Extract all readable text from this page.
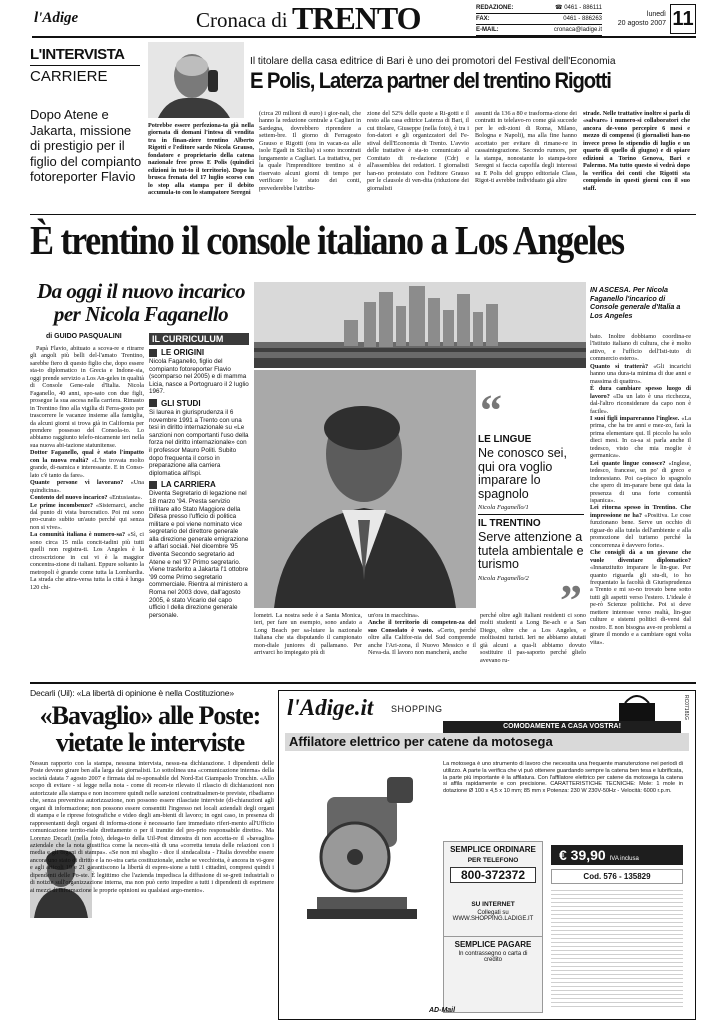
l'Adige	Cronaca di TRENTO	REDAZIONE:	☎ 0461 - 886111
FAX:	0461 - 886263
E-MAIL:	cronaca@ladige.it
lunedì
20 agosto 2007 11
L'INTERVISTA
CARRIERE
Dopo Atene e Jakarta, missione di prestigio per il figlio del compianto fotoreporter Flavio
Il titolare della casa editrice di Bari è uno dei promotori del Festival dell'Economia
E Polis, Laterza partner del trentino Rigotti
Potrebbe essere perfeziona-ta già nella giornata di domani l'intesa di vendita tra in finan-ziere trentino Alberto Rigotti e l'editore sardo Nicola Grauso, fondatore e proprietario della catena nazionale free press E Polis (quindici edizioni in tut-to il territorio). Dopo la brusca frenata del 17 luglio scorso con lo stop alla stampa per il debito accumula-to con lo stampatore Seregni
(circa 20 milioni di euro) i gior-nali, che hanno la redazione centrale a Cagliari in Sardegna, dovrebbero riprendere a settem-bre. Il giorno di Ferragosto Grauso e Rigotti (ora in vacan-za alle isole Egadi in Sicilia) si sono incontrati lungamente a Cagliari. La trattativa, per la quale l'imprenditore trentino si è riservato alcuni giorni di tempo per verificare lo stato dei conti, prevederebbe l'attribu-
zione del 52% delle quote a Ri-gotti e il resto alla casa editrice Laterza di Bari, il cui titolare, Giuseppe (nella foto), è tra i fon-datori e gli organizzatori del Fe-stival dell'Economia di Trento. L'avvio delle trattative è sta-to comunicato al Comitato di re-dazione (Cdr) e all'assemblea dei redattori. I giornalisti han-no protestato con l'editore Grauso per le clausole di ven-dita (riduzione dei giornalisti
assunti da 136 a 80 e trasforma-zione dei contratti in telelavo-ro come già succede per le edi-zioni di Roma, Milano, Bologna e Napoli), ma alla fine hanno accettato per evitare di rimane-re in cassaintegrazione. Secondo rumors, per la stampa, nonostante lo stampa-tore Seregni si faccia capofila degli interessi su E Polis del gruppo editoriale Class, Rigot-ti avrebbe individuato già altre
strade. Nelle trattative inoltre si parla di «salvare» i numero-si collaboratori che ancora de-vono percepire 6 mesi e mezzo di compensi (i giornalisti han-no invece preso lo stipendio di luglio e un quarto di quello di giugno) e di spiare edizioni a Torino Genova, Bari e Palermo. Ma tutto questo si vedrà dopo la verifica dei conti che Rigotti sta compiendo in questi giorni con il suo staff.
È trentino il console italiano a Los Angeles
Da oggi il nuovo incarico per Nicola Faganello
di GUIDO PASQUALINI

Papà Flavio, abituato a scova-re e ritrarre gli angoli più belli del-l'amato Trentino, sarebbe fiero di questo figlio che, dopo essere sta-to diplomatico in Grecia e Indone-sia, oggi prende servizio a Los An-geles in qualità di Console Gene-rale d'Italia. Nicola Faganello, 40 anni, spo-sato con due figli, prosegue la sua ascesa nella carriera. Rimasto in Trentino fino alla vigilia di Ferra-gosto per trascorrere le vacanze insieme alla famiglia, da alcuni giorni si trova già in California per prendere possesso del Consola-to. Lo abbiamo raggiunto telefo-nicamente ieri nella sua nuova abi-tazione statunitense.

Dottor Faganello, qual è stato l'impatto con la nuova realtà? «L'ho trovata molto grande, di-namica e interessante. E in Conso-lato c'è tanto da fare».
Quante persone vi lavorano? «Una quindicina».
Contento del nuovo incarico? «Entusiasta».
Le prime incombenze? «Sistemarci, anche dal punto di vista burocratico. Poi mi sono pro-curato subito un'auto perché qui senza non si vive».
La comunità italiana è numero-sa? «Sì, ci sono circa 15 mila concit-tadini più tutti quelli non registra-ti. Los Angeles è la circoscrizione in cui vi è la maggior concentra-zione di italiani. Eppure soltanto la metropoli è grande come tutta la Lombardia. La strada che attra-versa tutta la città è lunga 120 chi-
IL CURRICULUM
LE ORIGINI
Nicola Faganello, figlio del compianto fotoreporter Flavio (scomparso nel 2005) e di mamma Licia, nasce a Portogruaro il 2 luglio 1967.
GLI STUDI
Si laurea in giurisprudenza il 6 novembre 1991 a Trento con una tesi in diritto internazionale su «Le sanzioni non comportanti l'uso della forza nel diritto internazionale» con il professor Mauro Politi. Subito dopo frequenta il corso in preparazione alla carriera diplomatica all'Ispi.
LA CARRIERA
Diventa Segretario di legazione nel 18 marzo '94. Presta servizio militare allo Stato Maggiore della Difesa presso l'ufficio di politica militare e poi viene nominato vice segretario del direttore generale alla direzione generale emigrazione e affari sociali. Nel dicembre '95 diventa Secondo segretario ad Atene e nel '97 Primo segretario. Viene trasferito a Jakarta l'1 ottobre '99 come Primo segretario commerciale. Rientra al ministero a Roma nel 2003 dove, dall'agosto 2005, è stato Vicario del capo ufficio I della direzione generale personale.
IN ASCESA. Per Nicola Faganello l'incarico di Console generale d'Italia a Los Angeles
“
LE LINGUE
Ne conosco sei, qui ora voglio imparare lo spagnolo
Nicola Faganello/1
IL TRENTINO
Serve attenzione a tutela ambientale e turismo
Nicola Faganello/2 ”
lometri. La nostra sede è a Santa Monica, ieri, per fare un esempio, sono andato a Long Beach per sa-lutare la nazionale italiana che sta disputando il campionato mon-diale juniores di pallamano. Per arrivarci ho impiegato più di
un'ora in macchina».
Anche il territorio di competen-za del suo Consolato è vasto. «Certo, perché oltre alla Califor-nia del Sud comprende anche l'Ari-zona, il Nuovo Messico e il Neva-da. Il lavoro non mancherà, anche
perché oltre agli italiani residenti ci sono molti studenti a Long Be-ach e a San Diego, oltre che a Los Angeles, e moltissimi turisti. Ieri ne abbiamo aiutati già alcuni a qua-li abbiamo dovuto sostituire il pas-saporto perché glielo avevano ru-
bato. Inoltre dobbiamo coordina-re l'Istituto italiano di cultura, che è molto attivo, e l'ufficio dell'Isti-tuto di commercio estero».
Quanto si tratterà? «Gli incarichi hanno una dura-ta minima di due anni e massima di quattro».
È dura cambiare spesso luogo di lavoro? «Da un lato è una ricchezza, dal-l'altro riconsiderare da capo non è facile».
I suoi figli impareranno l'inglese. «La prima, che ha tre anni e mez-zo, farà la prima elementare qui. Il piccolo ha solo dieci mesi. In ca-sa si parla anche il tedesco, visto che mia moglie è germanica».
Lei quante lingue conosce? «Inglese, tedesco, francese, un po' di greco e indonesiano. Poi ca-pisco lo spagnolo che spero di im-parare bene qui data la presenza di una forte comunità ispanica».
Lei ritorna spesso in Trentino. Che impressione ne ha? «Positiva. Le cose funzionano bene. Serve un occhio di riguar-do alla tutela dell'ambiente e alla promozione del turismo perché la concorrenza è davvero forte».
Che consigli dà a un giovane che vuole diventare diplomatico? «Innanzitutto imparare le lin-gue. Per quanto riguarda gli stu-di, io ho frequentato la facoltà di Giurisprudenza a Trento e mi so-no trovato bene sotto tutti gli aspetti verso l'estero. L'ideale è pe-rò Scienze politiche. Poi si deve mettere interesse verso realtà, lin-gue culture e sistemi politici di-versi dal nostro. E non bisogna ave-re problemi a girare il mondo e a cambiare ogni volta vita».
Decarli (Uil): «La libertà di opinione è nella Costituzione»
«Bavaglio» alle Poste: vietate le interviste
Nessun rapporto con la stampa, nessuna intervista, nessu-na dichiarazione. I dipendenti delle Poste devono girare ben alla larga dai giornalisti. Lo sottolinea una «comunicazione interna» della società datata 7 agosto 2007 e firmata dal re-sponsabile del Nord-Est Giampaolo Tronchin. «Allo scopo di evitare - si legge nella nota - come di recen-te rilevato il rilascio di dichiarazioni non autorizzate alla stampa e non incorrere quindi nelle sanzioni contrattualmen-te previste, ribadiamo che, senza preventiva autorizzazione, non possono essere rilasciate interviste (di-chiarazioni agli organi di informazione; non possono essere consentiti l'ingresso nei locali aziendali degli organi di stampa e le riprese fotografiche e video degli am-bienti di lavoro; in ogni caso, in presenza di rappresentanti degli organi di informa-zione è necessario fare immediato riferi-mento all'Ufficio comunicazione territo-riale direttamente o per il tramite del pro-prio responsabile diretto». Ma Lorenzo Decarli (nella foto), delega-to della Uil-Post dimostra di non accetta-re il «bavaglio» aziendale che la nota giustifica come la neces-sità di una «corretta tenuta delle relazioni con i media e gli organi di stampa». «Se non mi sbaglio - dice il sindacalista - l'Italia dovrebbe essere ancora uno stato di diritto e la no-stra carta costituzionale, anche se vecchiotta, è ancora in vi-gore e agli articoli 19 e 21 garantiscono la libertà di espres-sione a tutti i cittadini, compresi quindi i dipendenti delle Po-ste. È legittimo che l'azienda impedisca la diffusione di se-greti industriali o di notizie sull'organizzazione interna, ma non può certo impedire a tutti i dipendenti di esprimere ai mezzi di informazione le proprie opinioni su qualsiasi argo-mento».
l'Adige.it SHOPPING
COMODAMENTE A CASA VOSTRA!
RC07181G
Affilatore elettrico per catene da motosega
La motosega è uno strumento di lavoro che necessita una frequente manutenzione nei periodi di utilizzo. A parte la verifica che vi può ottenere guardando sempre la catena ben tesa e lubrificata, la parte più importante è la affilatura. Con l'affilatore elettrico per catene da motosega la catena si affila rapidamente e con precisione. CARATTERISTICHE TECNICHE: Mole: 1 mole in dotazione Ø 100 x 4,5 x 10 mm; 85 mm x Potenza: 230 W 230V-50Hz - Velocità: 6000 r.p.m.
SEMPLICE ORDINARE
PER TELEFONO
800-372372
SU INTERNET
Collegati su WWW.SHOPPING.LADIGE.IT
SEMPLICE PAGARE
In contrassegno o carta di credito
€ 39,90 IVA inclusa
Cod. 576 - 135829
AD-Mail
